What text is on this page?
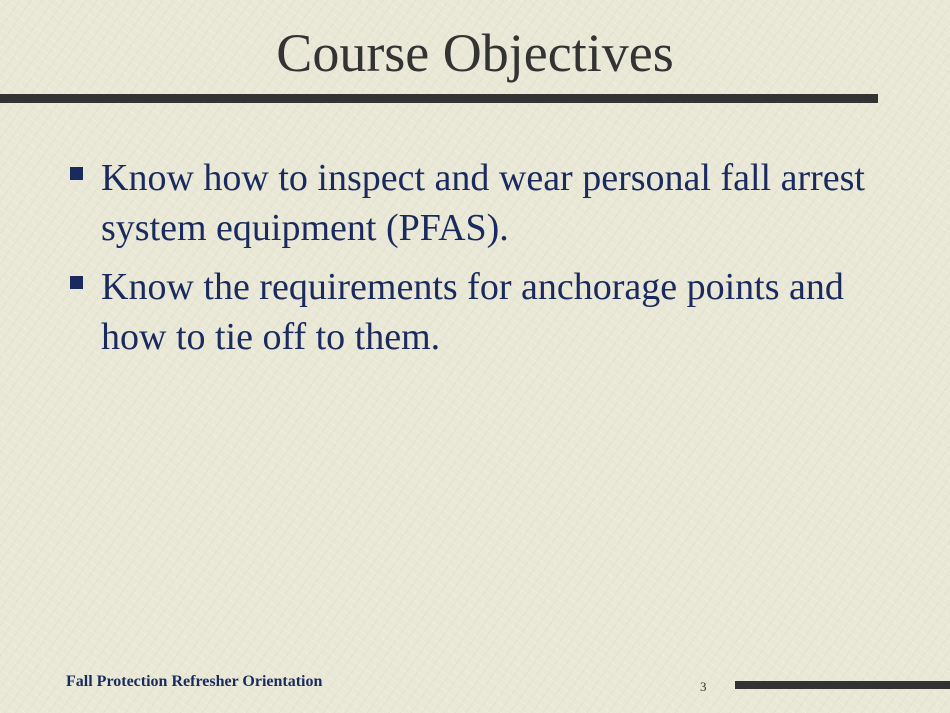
Course Objectives
Know how to inspect and wear personal fall arrest system equipment (PFAS).
Know the requirements for anchorage points and how to tie off to them.
Fall Protection Refresher Orientation	3
